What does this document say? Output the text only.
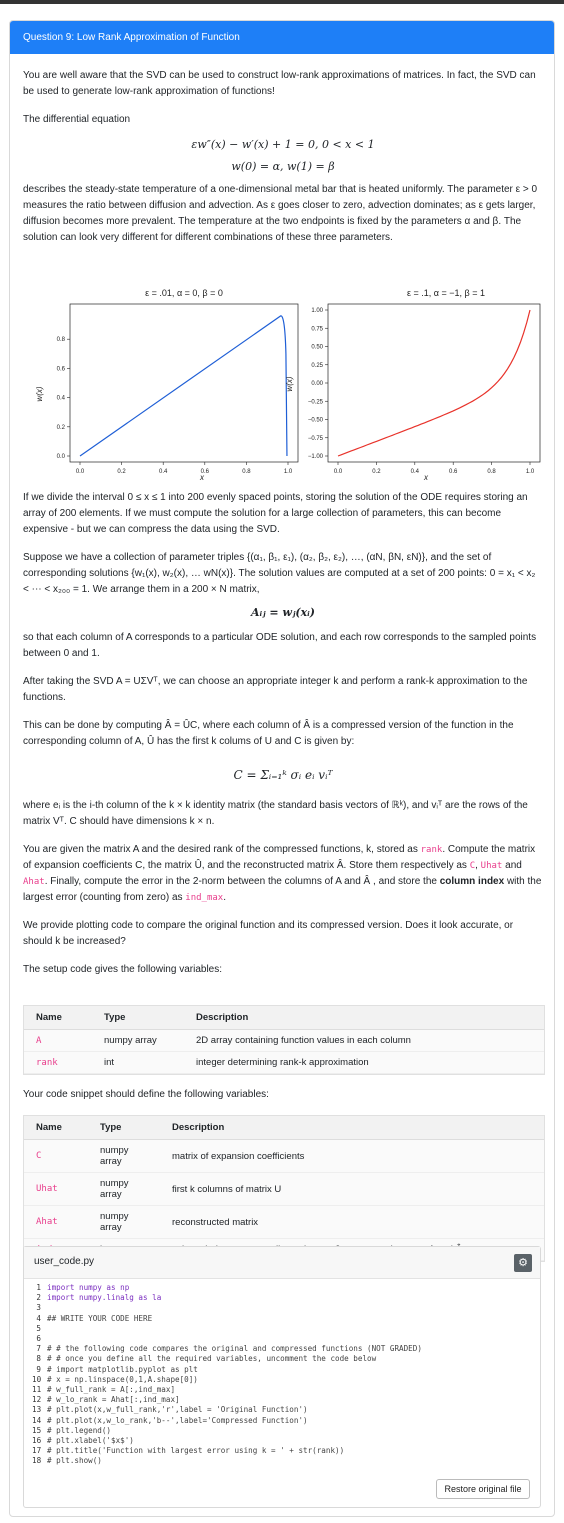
Question 9: Low Rank Approximation of Function

You are well aware that the SVD can be used to construct low-rank approximations of matrices. In fact, the SVD can be used to generate low-rank approximation of functions!

The differential equation

εw″(x) − w′(x) + 1 = 0, 0 < x < 1
w(0) = α, w(1) = β

describes the steady-state temperature of a one-dimensional metal bar that is heated uniformly. The parameter ε > 0 measures the ratio between diffusion and advection. As ε goes closer to zero, advection dominates; as ε gets larger, diffusion becomes more prevalent. The temperature at the two endpoints is fixed by the parameters α and β. The solution can look very different for different combinations of these three parameters.

ε = .01, α = 0, β = 0
0.0	0.2	0.4	0.6	0.8	1.0
0.0
0.2
0.4
0.6
0.8
x
w(x)
ε = .1, α = −1, β = 1
0.0	0.2	0.4	0.6	0.8	1.0
1.00
0.75
0.50
0.25
0.00
−0.25
−0.50
−0.75
−1.00
x
w(x)

If we divide the interval 0 ≤ x ≤ 1 into 200 evenly spaced points, storing the solution of the ODE requires storing an array of 200 elements. If we must compute the solution for a large collection of parameters, this can become expensive - but we can compress the data using the SVD.

Suppose we have a collection of parameter triples {(α₁, β₁, ε₁), (α₂, β₂, ε₂), …, (αN, βN, εN)}, and the set of corresponding solutions {w₁(x), w₂(x), … wN(x)}. The solution values are computed at a set of 200 points: 0 = x₁ < x₂ < ⋯ < x₂₀₀ = 1. We arrange them in a 200 × N matrix,

Aᵢⱼ = wⱼ(xᵢ)

so that each column of A corresponds to a particular ODE solution, and each row corresponds to the sampled points between 0 and 1.

After taking the SVD A = UΣVᵀ, we can choose an appropriate integer k and perform a rank-k approximation to the functions.

This can be done by computing Â = ÛC, where each column of Â is a compressed version of the function in the corresponding column of A, Û has the first k colums of U and C is given by:

C = Σᵢ₌₁ᵏ σᵢ eᵢ vᵢᵀ

where eᵢ is the i-th column of the k × k identity matrix (the standard basis vectors of ℝᵏ), and vᵢᵀ are the rows of the matrix Vᵀ. C should have dimensions k × n.

You are given the matrix A and the desired rank of the compressed functions, k, stored as rank. Compute the matrix of expansion coefficients C, the matrix Û, and the reconstructed matrix Â. Store them respectively as C, Uhat and Ahat. Finally, compute the error in the 2-norm between the columns of A and Â , and store the column index with the largest error (counting from zero) as ind_max.

We provide plotting code to compare the original function and its compressed version. Does it look accurate, or should k be increased?

The setup code gives the following variables:

Name	Type	Description
A	numpy array	2D array containing function values in each column
rank	int	integer determining rank-k approximation

Your code snippet should define the following variables:

Name	Type	Description
C	numpy array	matrix of expansion coefficients
Uhat	numpy array	first k columns of matrix U
Ahat	numpy array	reconstructed matrix

user_code.py	⚙
1 import numpy as np
2 import numpy.linalg as la
3
4 ## WRITE YOUR CODE HERE
5
6
7 # # the following code compares the original and compressed functions (NOT GRADED)
8 # # once you define all the required variables, uncomment the code below
9 # import matplotlib.pyplot as plt
10 # x = np.linspace(0,1,A.shape[0])
11 # w_full_rank = A[:,ind_max]
12 # w_lo_rank = Ahat[:,ind_max]
13 # plt.plot(x,w_full_rank,'r',label = 'Original Function')
14 # plt.plot(x,w_lo_rank,'b--',label='Compressed Function')
15 # plt.legend()
16 # plt.xlabel('$x$')
17 # plt.title('Function with largest error using k = ' + str(rank))
18 # plt.show()
Restore original file
